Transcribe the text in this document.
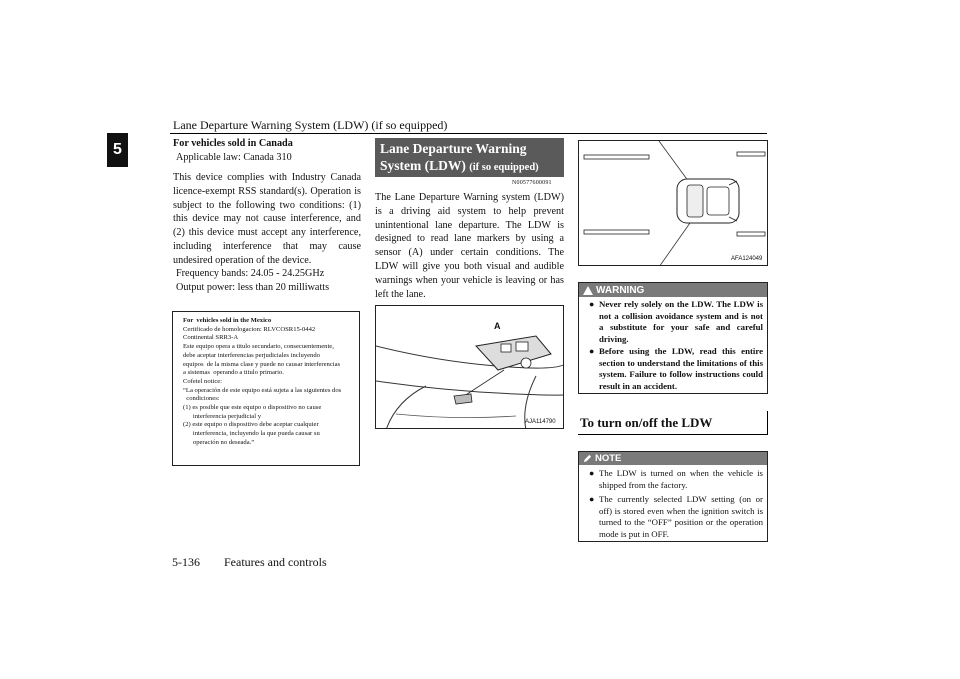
Lane Departure Warning System (LDW) (if so equipped)
5	For vehicles sold in Canada
Applicable law: Canada 310
This device complies with Industry Canada licence-exempt RSS standard(s). Operation is subject to the following two conditions: (1) this device may not cause interference, and (2) this device must accept any interference, including interference that may cause undesired operation of the device.
Frequency bands: 24.05 - 24.25GHz
Output power: less than 20 milliwatts
For  vehicles sold in the Mexico
Certificado de homologacion: RLVCOSR15-0442
Continental SRR3-A
Este equipo opera a titulo secundario, consecuentemente,
debe aceptar interferencias perjudiciales incluyendo
equipos  de la misma clase y puede no causar interferencias
a sistemas  operando a titulo primario.
Cofetel notice:
“La operación de este equipo está sujeta a las siguientes dos
condiciones:
(1) es posible que este equipo o dispositivo no cause
interferencia perjudicial y
(2) este equipo o dispositivo debe aceptar cualquier
interferencia, incluyendo la que pueda causar su
operación no deseada.”
Lane Departure Warning
System (LDW) (if so equipped)
N00577600091
The Lane Departure Warning system (LDW) is a driving aid system to help prevent unintentional lane departure. The LDW is designed to read lane markers by using a sensor (A) under certain conditions. The LDW will give you both visual and audible warnings when your vehicle is leaving or has left the lane.
A
AJA114790
AFA124049
WARNING
● Never rely solely on the LDW. The LDW is not a collision avoidance system and is not a substitute for your safe and careful driving.
● Before using the LDW, read this entire section to understand the limitations of this system. Failure to follow instructions could result in an accident.
To turn on/off the LDW
NOTE
● The LDW is turned on when the vehicle is shipped from the factory.
● The currently selected LDW setting (on or off) is stored even when the ignition switch is turned to the “OFF” position or the operation mode is put in OFF.
5-136 Features and controls
